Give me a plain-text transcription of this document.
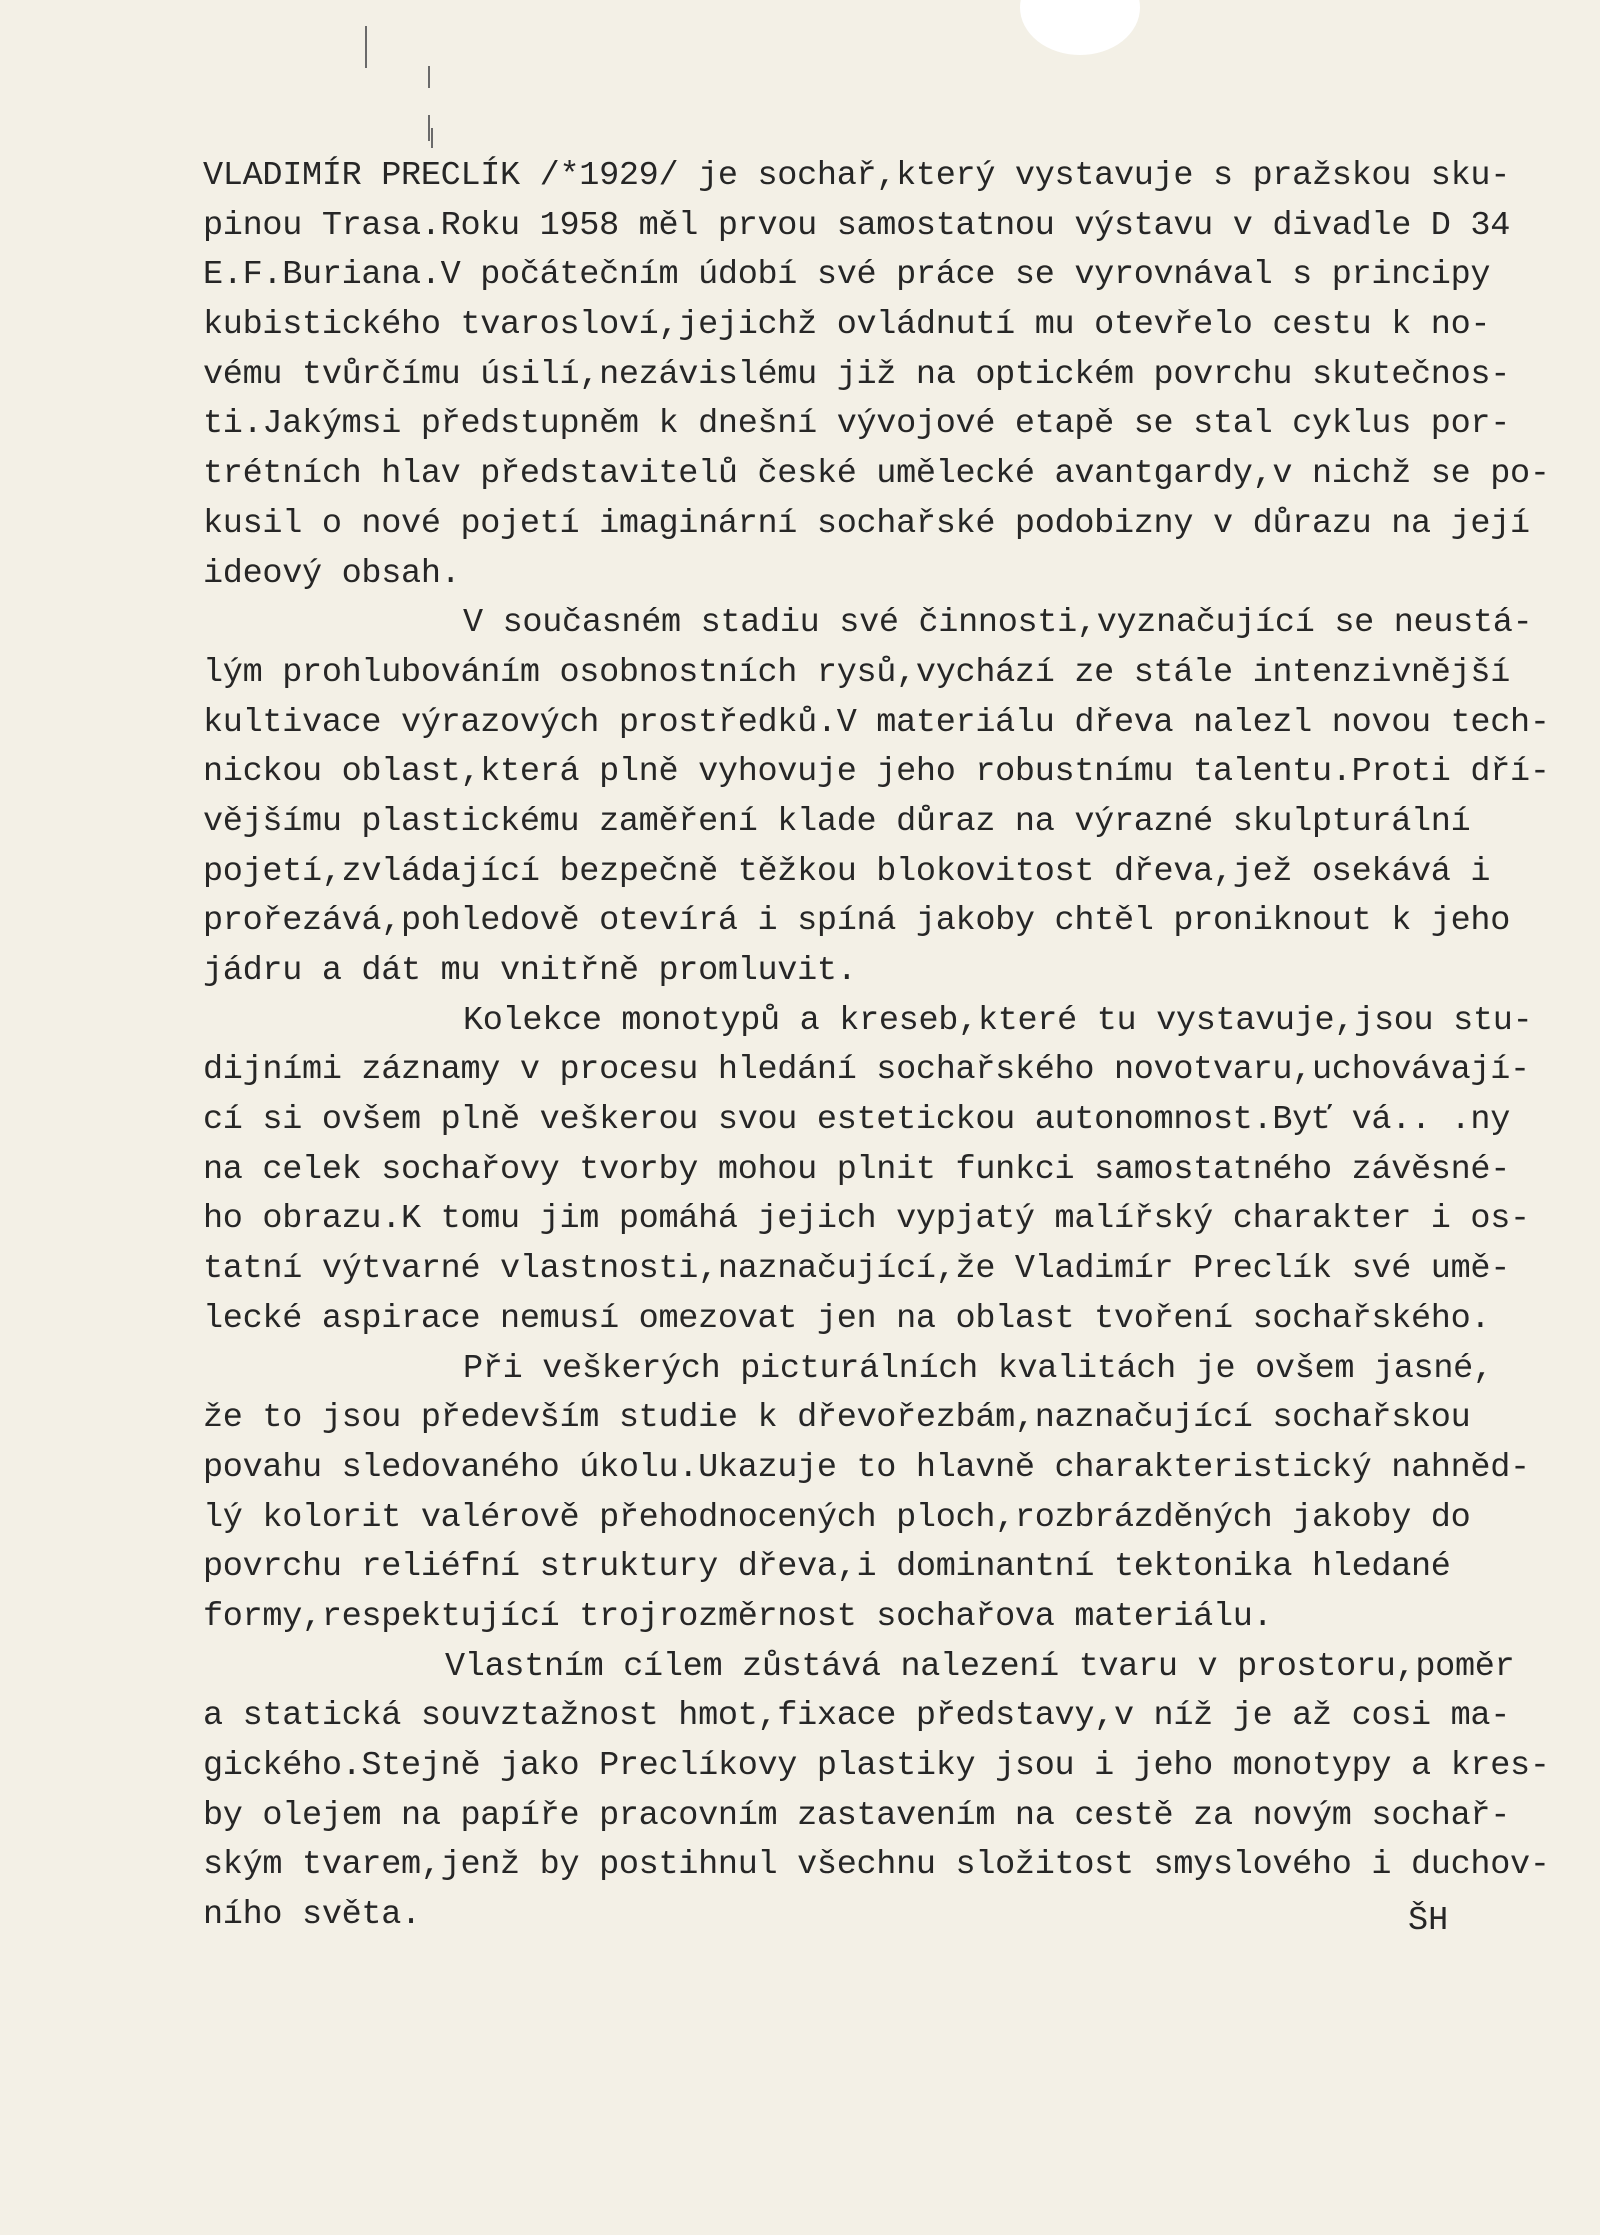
VLADIMÍR PRECLÍK /*1929/ je sochař,který vystavuje s pražskou sku-
pinou Trasa.Roku 1958 měl prvou samostatnou výstavu v divadle D 34
E.F.Buriana.V počátečním údobí své práce se vyrovnával s principy
kubistického tvarosloví,jejichž ovládnutí mu otevřelo cestu k no-
vému tvůrčímu úsilí,nezávislému již na optickém povrchu skutečnos-
ti.Jakýmsi předstupněm k dnešní vývojové etapě se stal cyklus por-
trétních hlav představitelů české umělecké avantgardy,v nichž se po-
kusil o nové pojetí imaginární sochařské podobizny v důrazu na její
ideový obsah.
V současném stadiu své činnosti,vyznačující se neustá-
lým prohlubováním osobnostních rysů,vychází ze stále intenzivnější
kultivace výrazových prostředků.V materiálu dřeva nalezl novou tech-
nickou oblast,která plně vyhovuje jeho robustnímu talentu.Proti dří-
vějšímu plastickému zaměření klade důraz na výrazné skulpturální
pojetí,zvládající bezpečně těžkou blokovitost dřeva,jež osekává i
prořezává,pohledově otevírá i spíná jakoby chtěl proniknout k jeho
jádru a dát mu vnitřně promluvit.
Kolekce monotypů a kreseb,které tu vystavuje,jsou stu-
dijními záznamy v procesu hledání sochařského novotvaru,uchovávají-
cí si ovšem plně veškerou svou estetickou autonomnost.Byť vá.. .ny
na celek sochařovy tvorby mohou plnit funkci samostatného závěsné-
ho obrazu.K tomu jim pomáhá jejich vypjatý malířský charakter i os-
tatní výtvarné vlastnosti,naznačující,že Vladimír Preclík své umě-
lecké aspirace nemusí omezovat jen na oblast tvoření sochařského.
Při veškerých picturálních kvalitách je ovšem jasné,
že to jsou především studie k dřevořezbám,naznačující sochařskou
povahu sledovaného úkolu.Ukazuje to hlavně charakteristický nahněd-
lý kolorit valérově přehodnocených ploch,rozbrázděných jakoby do
povrchu reliéfní struktury dřeva,i dominantní tektonika hledané
formy,respektující trojrozměrnost sochařova materiálu.
Vlastním cílem zůstává nalezení tvaru v prostoru,poměr
a statická souvztažnost hmot,fixace představy,v níž je až cosi ma-
gického.Stejně jako Preclíkovy plastiky jsou i jeho monotypy a kres-
by olejem na papíře pracovním zastavením na cestě za novým sochař-
ským tvarem,jenž by postihnul všechnu složitost smyslového i duchov-
ního světa.	ŠH
